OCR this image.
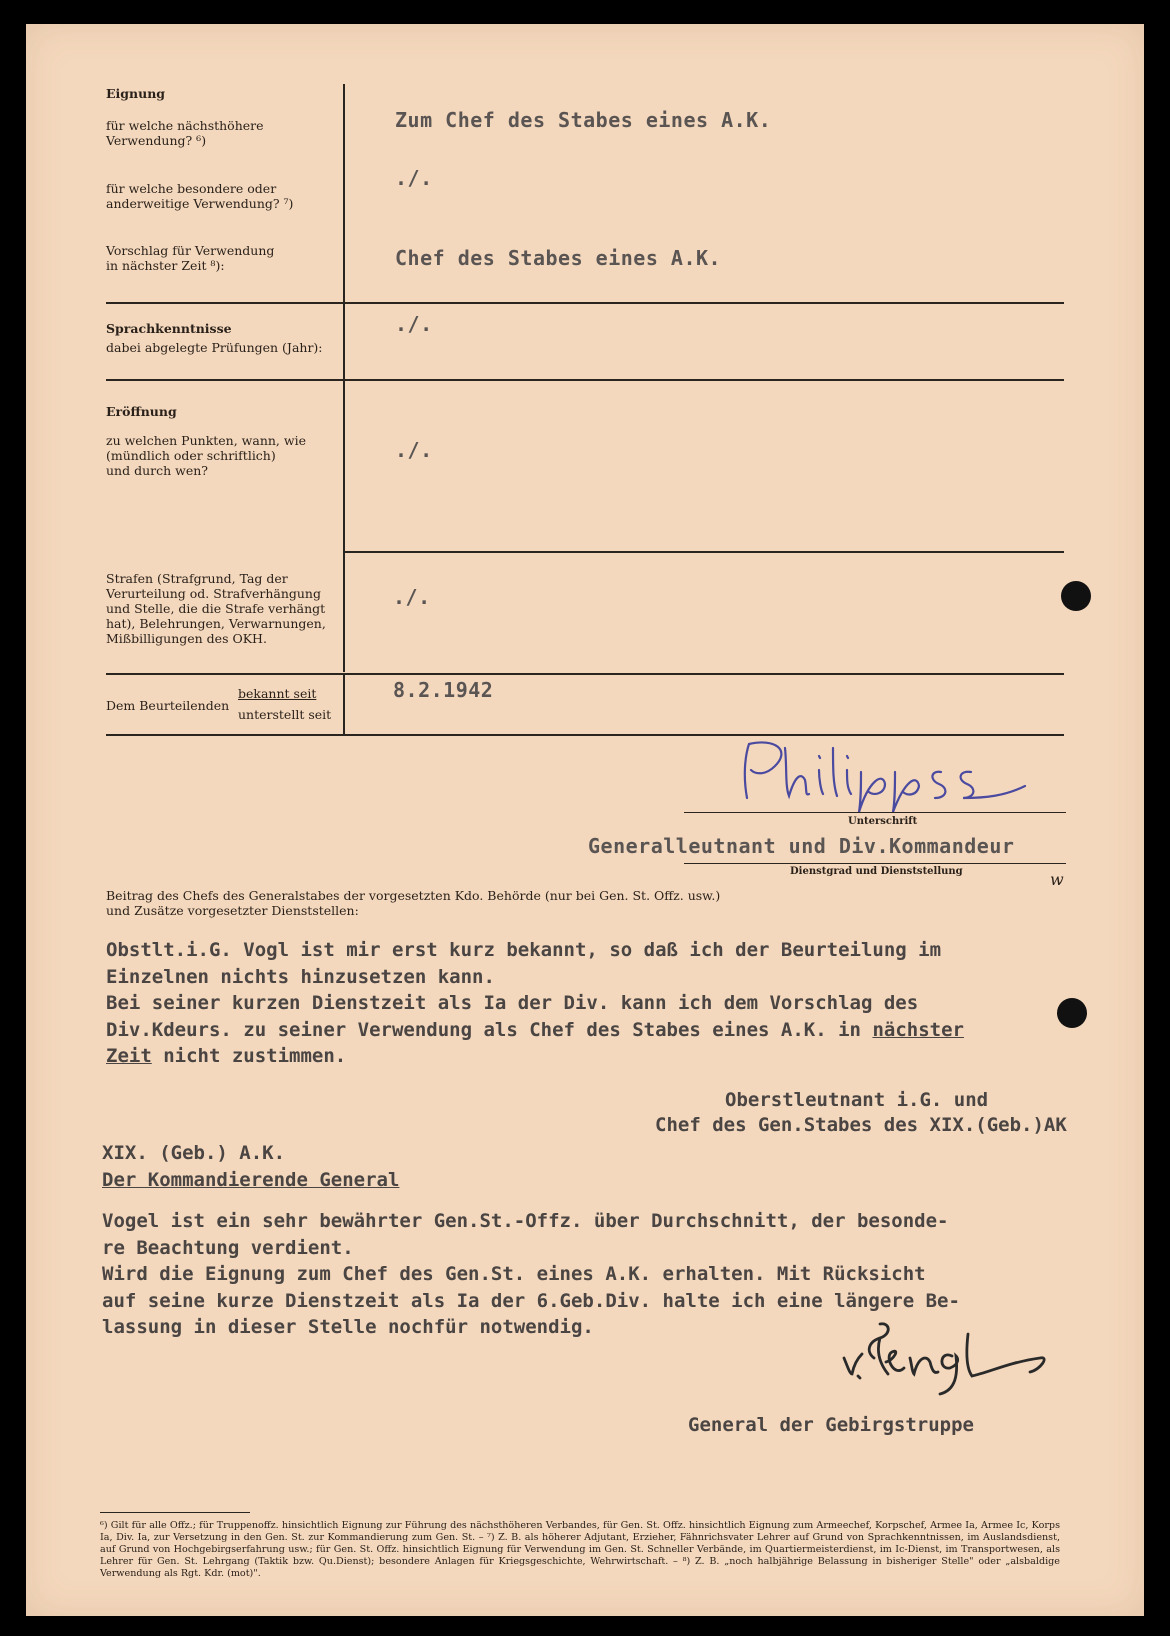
Eignung
für welche nächsthöhere
Verwendung? ⁶)
Zum Chef des Stabes eines A.K.
für welche besondere oder
anderweitige Verwendung? ⁷)
./.
Vorschlag für Verwendung
in nächster Zeit ⁸):	Chef des Stabes eines A.K.
Sprachkenntnisse
dabei abgelegte Prüfungen (Jahr):
./.
Eröffnung
zu welchen Punkten, wann, wie
(mündlich oder schriftlich)
und durch wen?
./.
Strafen (Strafgrund, Tag der
Verurteilung od. Strafverhängung
und Stelle, die die Strafe verhängt
hat), Belehrungen, Verwarnungen,
Mißbilligungen des OKH.
./.
Dem Beurteilenden
bekannt seit
unterstellt seit
8.2.1942
Unterschrift
Generalleutnant und Div.Kommandeur
Dienstgrad und Dienststellung	w
Beitrag des Chefs des Generalstabes der vorgesetzten Kdo. Behörde (nur bei Gen. St. Offz. usw.)
und Zusätze vorgesetzter Dienststellen:
Obstlt.i.G. Vogl ist mir erst kurz bekannt, so daß ich der Beurteilung im
Einzelnen nichts hinzusetzen kann.
Bei seiner kurzen Dienstzeit als Ia der Div. kann ich dem Vorschlag des
Div.Kdeurs. zu seiner Verwendung als Chef des Stabes eines A.K. in nächster
Zeit nicht zustimmen.
Oberstleutnant i.G. und
Chef des Gen.Stabes des XIX.(Geb.)AK
XIX. (Geb.) A.K.
Der Kommandierende General
Vogel ist ein sehr bewährter Gen.St.-Offz. über Durchschnitt, der besonde-
re Beachtung verdient.
Wird die Eignung zum Chef des Gen.St. eines A.K. erhalten. Mit Rücksicht
auf seine kurze Dienstzeit als Ia der 6.Geb.Div. halte ich eine längere Be-
lassung in dieser Stelle nochfür notwendig.
General der Gebirgstruppe
⁶) Gilt für alle Offz.; für Truppenoffz. hinsichtlich Eignung zur Führung des nächsthöheren Verbandes, für Gen. St. Offz. hinsichtlich Eignung zum Armeechef, Korpschef, Armee Ia, Armee Ic, Korps Ia, Div. Ia, zur Versetzung in den Gen. St. zur Kommandierung zum Gen. St. – ⁷) Z. B. als höherer Adjutant, Erzieher, Fähnrichsvater Lehrer auf Grund von Sprachkenntnissen, im Auslandsdienst, auf Grund von Hochgebirgserfahrung usw.; für Gen. St. Offz. hinsichtlich Eignung für Verwendung im Gen. St. Schneller Verbände, im Quartiermeisterdienst, im Ic-Dienst, im Transportwesen, als Lehrer für Gen. St. Lehrgang (Taktik bzw. Qu.Dienst); besondere Anlagen für Kriegsgeschichte, Wehrwirtschaft. – ⁸) Z. B. „noch halbjährige Belassung in bisheriger Stelle" oder „alsbaldige Verwendung als Rgt. Kdr. (mot)".
